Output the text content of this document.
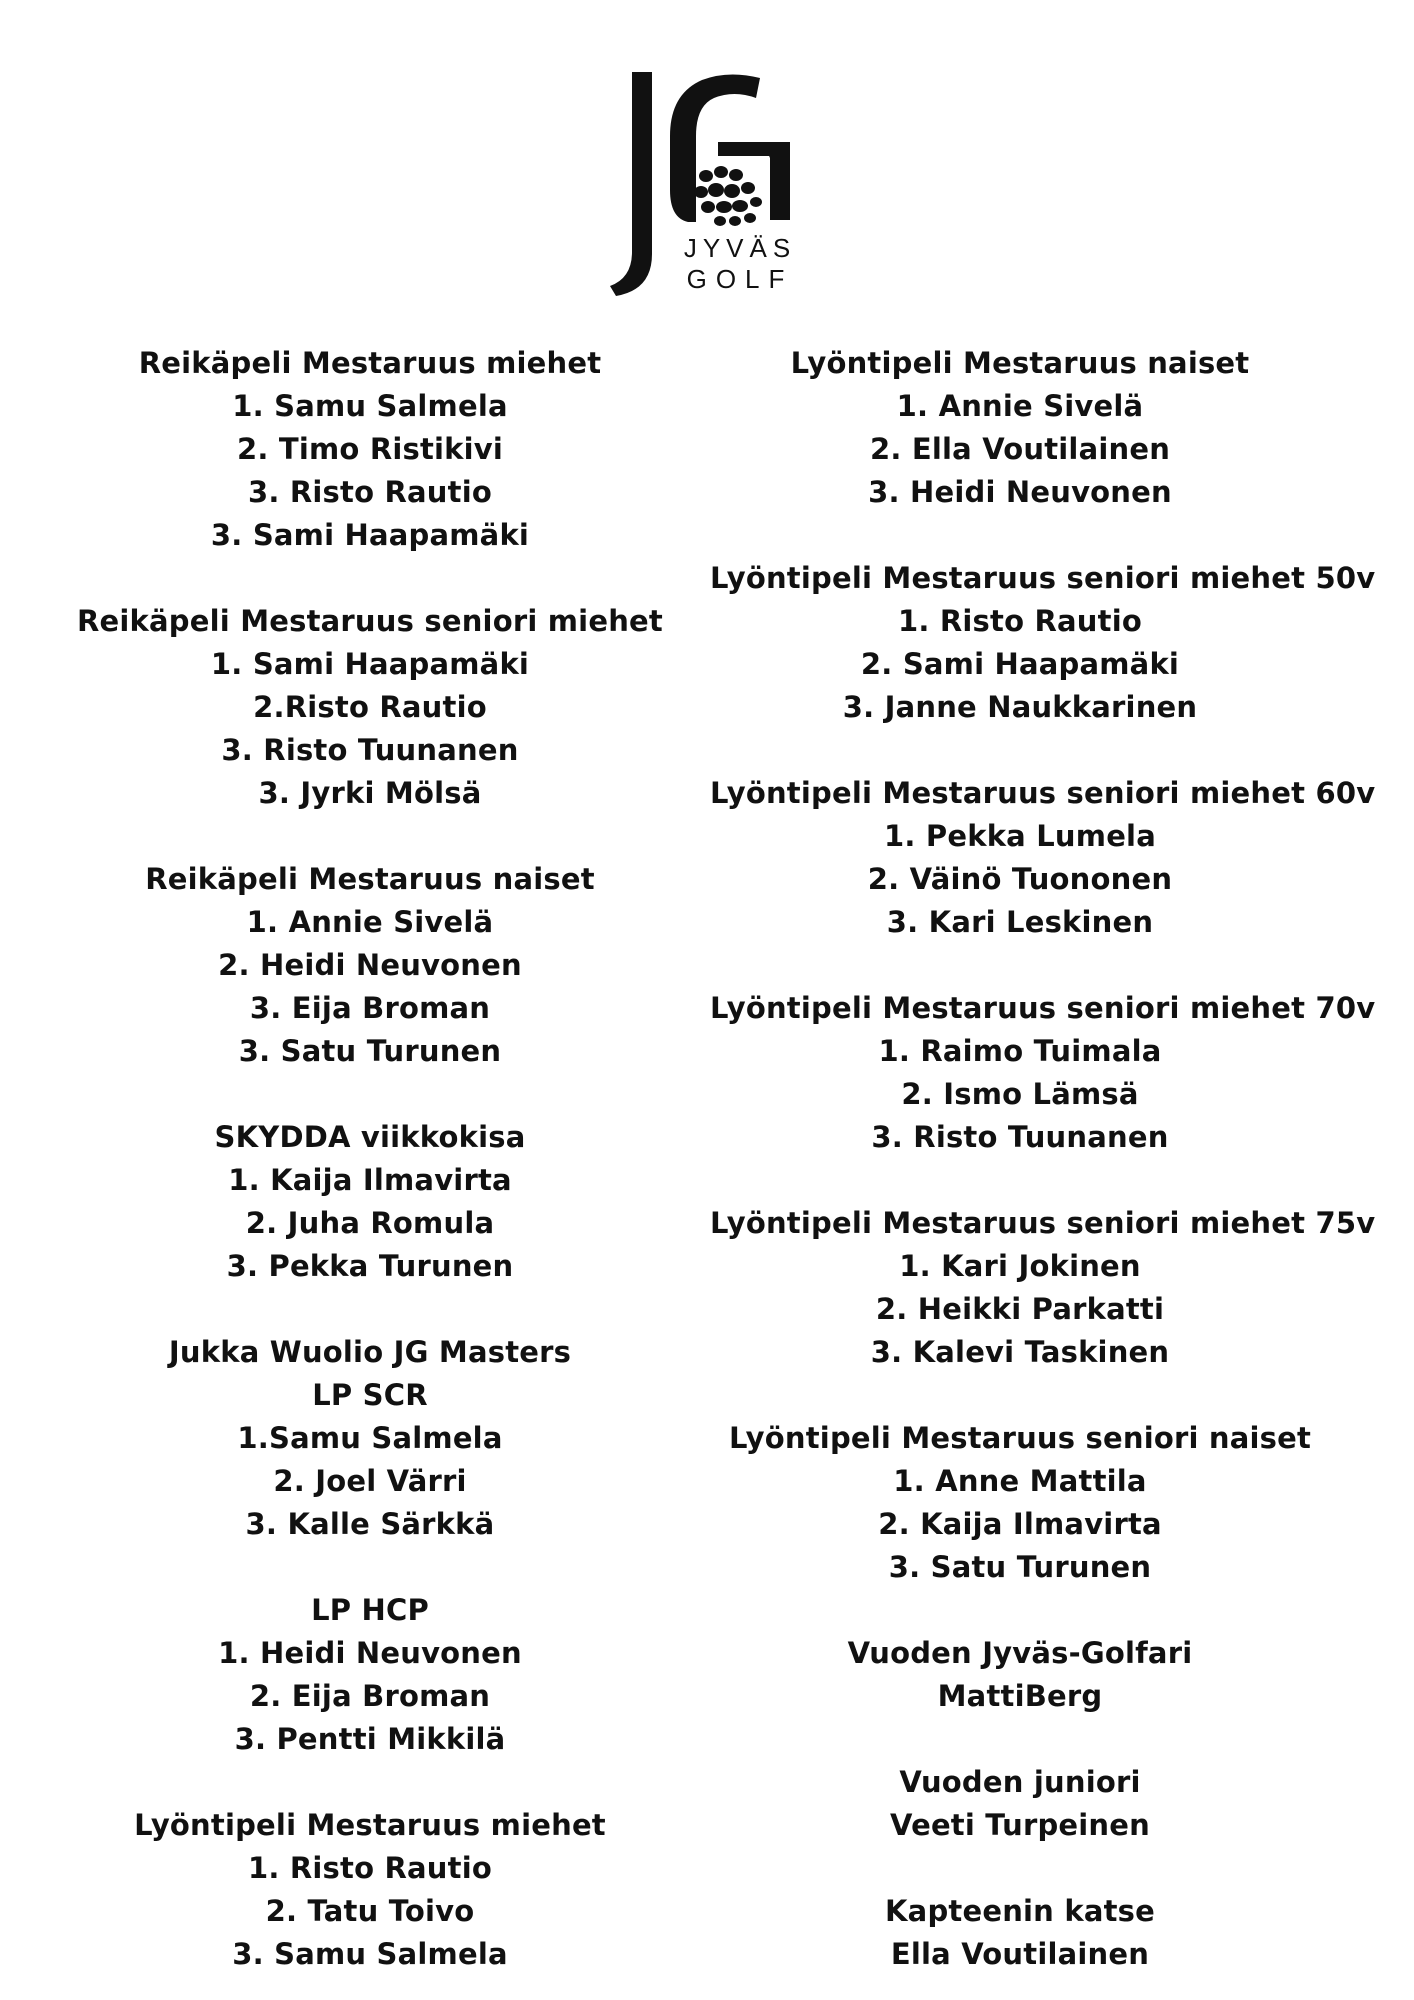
JYVÄS
GOLF
Reikäpeli Mestaruus miehet
1. Samu Salmela
2. Timo Ristikivi
3. Risto Rautio
3. Sami Haapamäki
Reikäpeli Mestaruus seniori miehet
1. Sami Haapamäki
2.Risto Rautio
3. Risto Tuunanen
3. Jyrki Mölsä
Reikäpeli Mestaruus naiset
1. Annie Sivelä
2. Heidi Neuvonen
3. Eija Broman
3. Satu Turunen
SKYDDA viikkokisa
1. Kaija Ilmavirta
2. Juha Romula
3. Pekka Turunen
Jukka Wuolio JG Masters
LP SCR
1.Samu Salmela
2. Joel Värri
3. Kalle Särkkä
LP HCP
1. Heidi Neuvonen
2. Eija Broman
3. Pentti Mikkilä
Lyöntipeli Mestaruus miehet
1. Risto Rautio
2. Tatu Toivo
3. Samu Salmela
Lyöntipeli Mestaruus naiset
1. Annie Sivelä
2. Ella Voutilainen
3. Heidi Neuvonen
Lyöntipeli Mestaruus seniori miehet 50v
1. Risto Rautio
2. Sami Haapamäki
3. Janne Naukkarinen
Lyöntipeli Mestaruus seniori miehet 60v
1. Pekka Lumela
2. Väinö Tuononen
3. Kari Leskinen
Lyöntipeli Mestaruus seniori miehet 70v
1. Raimo Tuimala
2. Ismo Lämsä
3. Risto Tuunanen
Lyöntipeli Mestaruus seniori miehet 75v
1. Kari Jokinen
2. Heikki Parkatti
3. Kalevi Taskinen
Lyöntipeli Mestaruus seniori naiset
1. Anne Mattila
2. Kaija Ilmavirta
3. Satu Turunen
Vuoden Jyväs-Golfari
MattiBerg
Vuoden juniori
Veeti Turpeinen
Kapteenin katse
Ella Voutilainen
